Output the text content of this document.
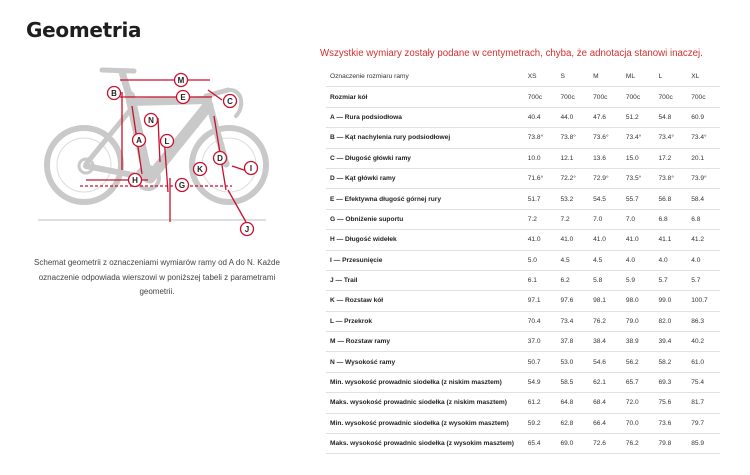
Geometria
M
E
B
C
N
A	L
D
K	I
H
G
J

Schemat geometrii z oznaczeniami wymiarów ramy od A do N. Każde oznaczenie odpowiada wierszowi w poniższej tabeli z parametrami geometrii.

Wszystkie wymiary zostały podane w centymetrach, chyba, że adnotacja stanowi inaczej.

Oznaczenie rozmiaru ramy	XS	S	M	ML	L	XL
Rozmiar kół	700c	700c	700c	700c	700c	700c
A — Rura podsiodłowa	40.4	44.0	47.6	51.2	54.8	60.9
B — Kąt nachylenia rury podsiodłowej	73.8°	73.8°	73.6°	73.4°	73.4°	73.4°
C — Długość główki ramy	10.0	12.1	13.6	15.0	17.2	20.1
D — Kąt główki ramy	71.6°	72.2°	72.9°	73.5°	73.8°	73.9°
E — Efektywna długość górnej rury	51.7	53.2	54.5	55.7	56.8	58.4
G — Obniżenie suportu	7.2	7.2	7.0	7.0	6.8	6.8
H — Długość widełek	41.0	41.0	41.0	41.0	41.1	41.2
I — Przesunięcie	5.0	4.5	4.5	4.0	4.0	4.0
J — Trail	6.1	6.2	5.8	5.9	5.7	5.7
K — Rozstaw kół	97.1	97.6	98.1	98.0	99.0	100.7
L — Przekrok	70.4	73.4	76.2	79.0	82.0	86.3
M — Rozstaw ramy	37.0	37.8	38.4	38.9	39.4	40.2
N — Wysokość ramy	50.7	53.0	54.6	56.2	58.2	61.0
Min. wysokość prowadnic siodełka (z niskim masztem)	54.9	58.5	62.1	65.7	69.3	75.4
Maks. wysokość prowadnic siodełka (z niskim masztem)	61.2	64.8	68.4	72.0	75.6	81.7
Min. wysokość prowadnic siodełka (z wysokim masztem)	59.2	62.8	66.4	70.0	73.6	79.7
Maks. wysokość prowadnic siodełka (z wysokim masztem)	65.4	69.0	72.6	76.2	79.8	85.9
